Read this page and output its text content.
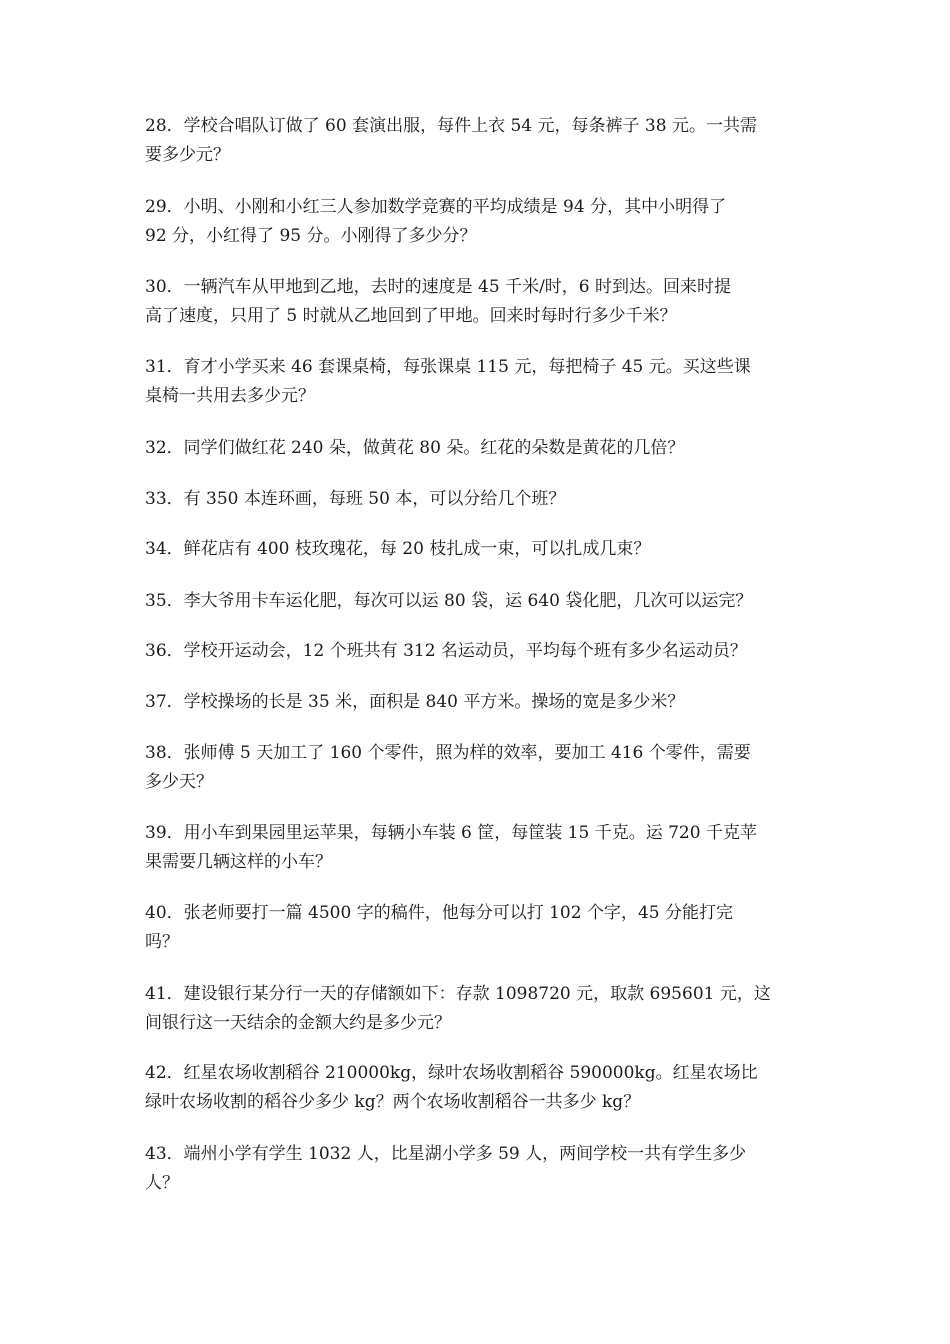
28．学校合唱队订做了 60 套演出服，每件上衣 54 元，每条裤子 38 元。一共需
要多少元？

29．小明、小刚和小红三人参加数学竞赛的平均成绩是 94 分，其中小明得了
92 分，小红得了 95 分。小刚得了多少分？

30．一辆汽车从甲地到乙地，去时的速度是 45 千米/时，6 时到达。回来时提
高了速度，只用了 5 时就从乙地回到了甲地。回来时每时行多少千米？

31．育才小学买来 46 套课桌椅，每张课桌 115 元，每把椅子 45 元。买这些课
桌椅一共用去多少元？

32．同学们做红花 240 朵，做黄花 80 朵。红花的朵数是黄花的几倍？

33．有 350 本连环画，每班 50 本，可以分给几个班？

34．鲜花店有 400 枝玫瑰花，每 20 枝扎成一束，可以扎成几束？

35．李大爷用卡车运化肥，每次可以运 80 袋，运 640 袋化肥，几次可以运完？

36．学校开运动会，12 个班共有 312 名运动员，平均每个班有多少名运动员？

37．学校操场的长是 35 米，面积是 840 平方米。操场的宽是多少米？

38．张师傅 5 天加工了 160 个零件，照为样的效率，要加工 416 个零件，需要
多少天？

39．用小车到果园里运苹果，每辆小车装 6 筐，每筐装 15 千克。运 720 千克苹
果需要几辆这样的小车？

40．张老师要打一篇 4500 字的稿件，他每分可以打 102 个字，45 分能打完
吗？

41．建设银行某分行一天的存储额如下：存款 1098720 元，取款 695601 元，这
间银行这一天结余的金额大约是多少元？

42．红星农场收割稻谷 210000kg，绿叶农场收割稻谷 590000kg。红星农场比
绿叶农场收割的稻谷少多少 kg？两个农场收割稻谷一共多少 kg？

43．端州小学有学生 1032 人，比星湖小学多 59 人，两间学校一共有学生多少
人？
